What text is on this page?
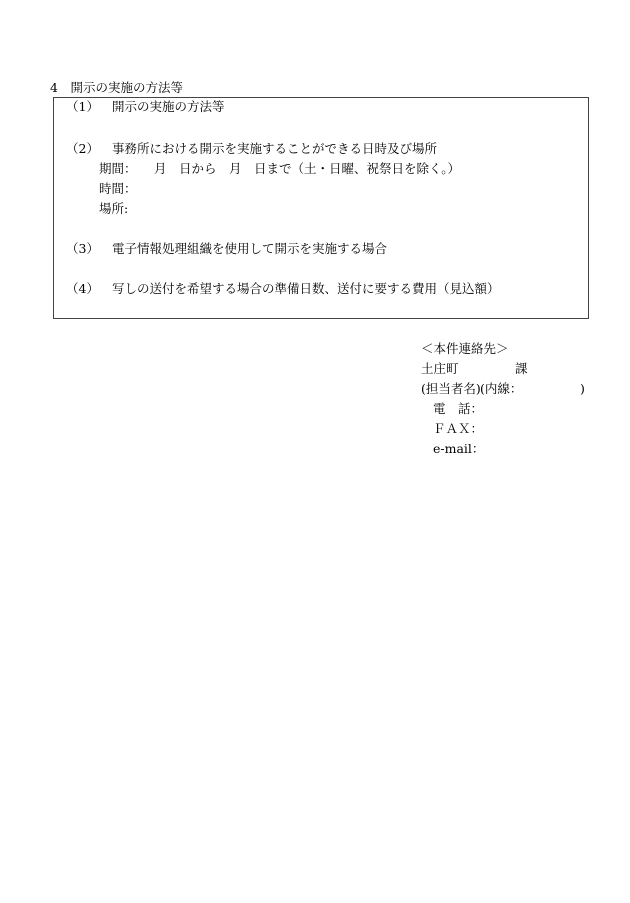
4　開示の実施の方法等
（1） 開示の実施の方法等
（2） 事務所における開示を実施することができる日時及び場所
期間： 月　日から　月　日まで（土・日曜、祝祭日を除く。）
時間：
場所:
（3） 電子情報処理組織を使用して開示を実施する場合
（4） 写しの送付を希望する場合の準備日数、送付に要する費用（見込額）
＜本件連絡先＞
土庄町	課
(担当者名) (内線：	)
電　話：
ＦＡＸ：
e-mail：
